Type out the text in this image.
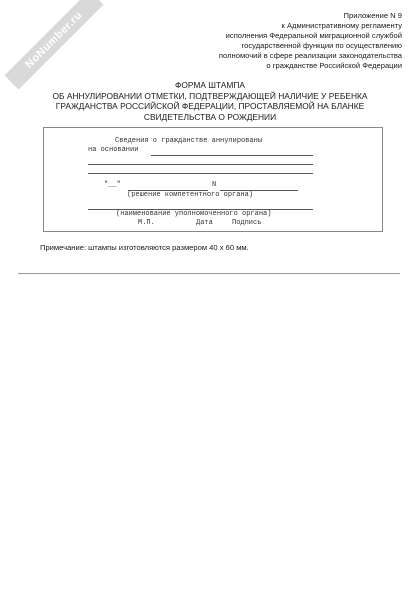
NoNumber.ru	Приложение N 9
к Административному регламенту
исполнения Федеральной миграционной службой
государственной функции по осуществлению
полномочий в сфере реализации законодательства
о гражданстве Российской Федерации
ФОРМА ШТАМПА
ОБ АННУЛИРОВАНИИ ОТМЕТКИ, ПОДТВЕРЖДАЮЩЕЙ НАЛИЧИЕ У РЕБЕНКА
ГРАЖДАНСТВА РОССИЙСКОЙ ФЕДЕРАЦИИ, ПРОСТАВЛЯЕМОЙ НА БЛАНКЕ
СВИДЕТЕЛЬСТВА О РОЖДЕНИИ
Сведения о гражданстве аннулированы
на основании
"__"	N
(решение компетентного органа)
(наименование уполномоченного органа)
М.П.	Дата	Подпись
Примечание: штампы изготовляются размером 40 x 60 мм.
